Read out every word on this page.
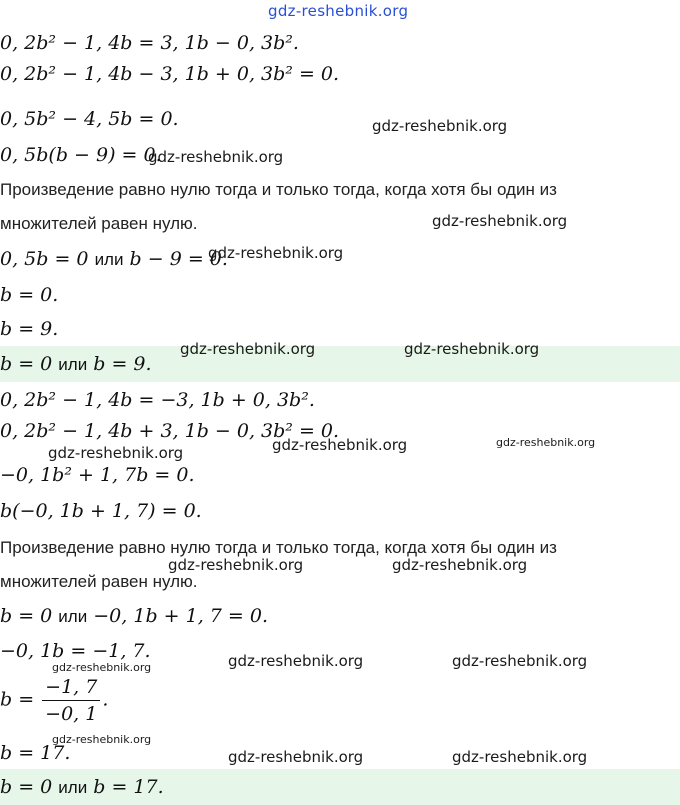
gdz-reshebnik.org
0, 2b² − 1, 4b = 3, 1b − 0, 3b².
0, 2b² − 1, 4b − 3, 1b + 0, 3b² = 0.
0, 5b² − 4, 5b = 0.
0, 5b(b − 9) = 0.
Произведение равно нулю тогда и только тогда, когда хотя бы один из
множителей равен нулю.
0, 5b = 0 или b − 9 = 0.
b = 0.
b = 9.
b = 0 или b = 9.
0, 2b² − 1, 4b = −3, 1b + 0, 3b².
0, 2b² − 1, 4b + 3, 1b − 0, 3b² = 0.
−0, 1b² + 1, 7b = 0.
b(−0, 1b + 1, 7) = 0.
Произведение равно нулю тогда и только тогда, когда хотя бы один из
множителей равен нулю.
b = 0 или −0, 1b + 1, 7 = 0.
−0, 1b = −1, 7.
$b = \frac{-1, 7}{-0, 1}$ .
b = 17.
b = 0 или b = 17.
gdz-reshebnik.org
gdz-reshebnik.org
gdz-reshebnik.org
gdz-reshebnik.org
gdz-reshebnik.org	gdz-reshebnik.org
gdz-reshebnik.org
gdz-reshebnik.org
gdz-reshebnik.org
gdz-reshebnik.org	gdz-reshebnik.org
gdz-reshebnik.org	gdz-reshebnik.org	gdz-reshebnik.org
gdz-reshebnik.org
gdz-reshebnik.org	gdz-reshebnik.org
